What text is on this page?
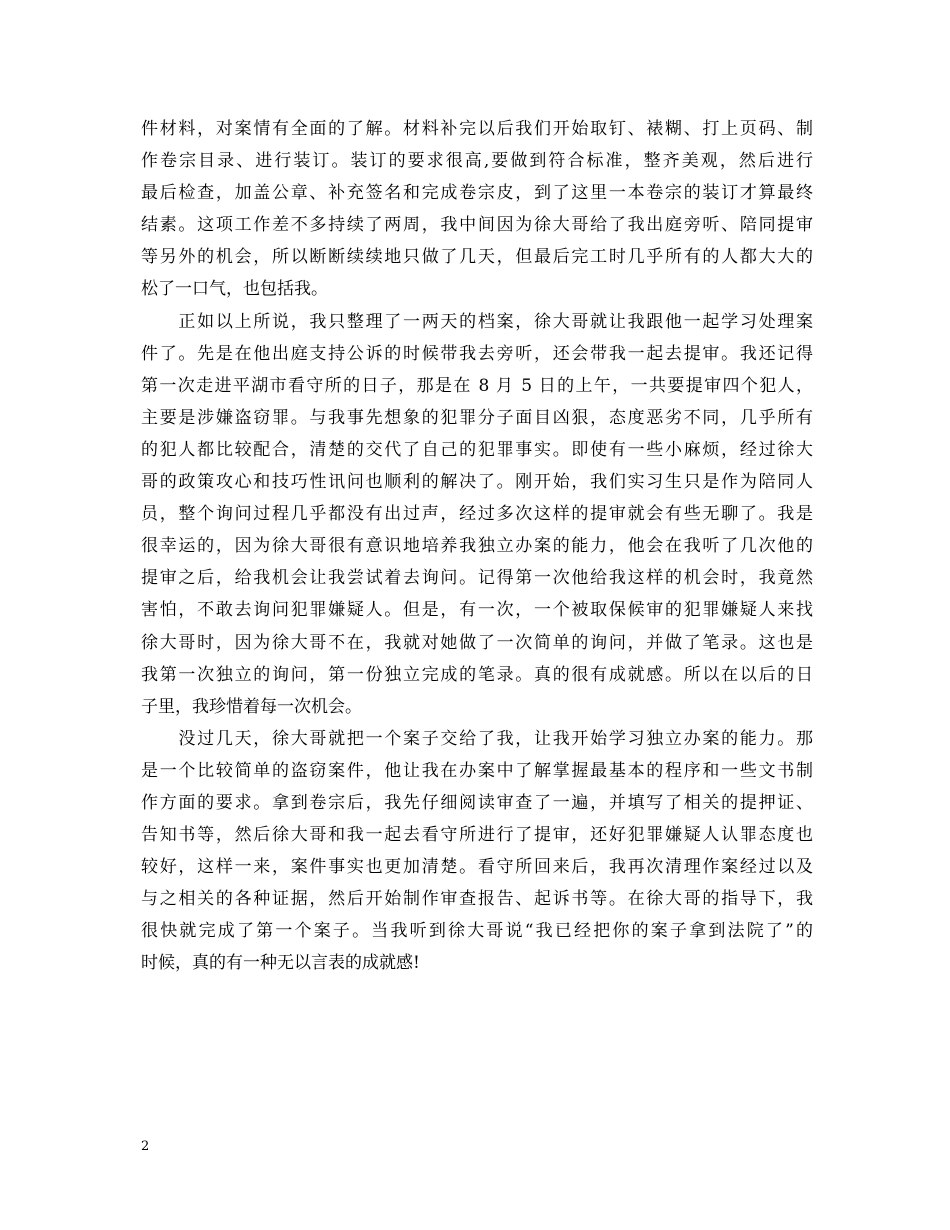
件材料，对案情有全面的了解。材料补完以后我们开始取钉、裱糊、打上页码、制
作卷宗目录、进行装订。装订的要求很高,要做到符合标准，整齐美观，然后进行
最后检查，加盖公章、补充签名和完成卷宗皮，到了这里一本卷宗的装订才算最终
结素。这项工作差不多持续了两周，我中间因为徐大哥给了我出庭旁听、陪同提审
等另外的机会，所以断断续续地只做了几天，但最后完工时几乎所有的人都大大的
松了一口气，也包括我。
　　正如以上所说，我只整理了一两天的档案，徐大哥就让我跟他一起学习处理案
件了。先是在他出庭支持公诉的时候带我去旁听，还会带我一起去提审。我还记得
第一次走进平湖市看守所的日子，那是在 8 月 5 日的上午，一共要提审四个犯人，
主要是涉嫌盗窃罪。与我事先想象的犯罪分子面目凶狠，态度恶劣不同，几乎所有
的犯人都比较配合，清楚的交代了自己的犯罪事实。即使有一些小麻烦，经过徐大
哥的政策攻心和技巧性讯问也顺利的解决了。刚开始，我们实习生只是作为陪同人
员，整个询问过程几乎都没有出过声，经过多次这样的提审就会有些无聊了。我是
很幸运的，因为徐大哥很有意识地培养我独立办案的能力，他会在我听了几次他的
提审之后，给我机会让我尝试着去询问。记得第一次他给我这样的机会时，我竟然
害怕，不敢去询问犯罪嫌疑人。但是，有一次，一个被取保候审的犯罪嫌疑人来找
徐大哥时，因为徐大哥不在，我就对她做了一次简单的询问，并做了笔录。这也是
我第一次独立的询问，第一份独立完成的笔录。真的很有成就感。所以在以后的日
子里，我珍惜着每一次机会。
　　没过几天，徐大哥就把一个案子交给了我，让我开始学习独立办案的能力。那
是一个比较简单的盗窃案件，他让我在办案中了解掌握最基本的程序和一些文书制
作方面的要求。拿到卷宗后，我先仔细阅读审查了一遍，并填写了相关的提押证、
告知书等，然后徐大哥和我一起去看守所进行了提审，还好犯罪嫌疑人认罪态度也
较好，这样一来，案件事实也更加清楚。看守所回来后，我再次清理作案经过以及
与之相关的各种证据，然后开始制作审查报告、起诉书等。在徐大哥的指导下，我
很快就完成了第一个案子。当我听到徐大哥说“我已经把你的案子拿到法院了”的
时候，真的有一种无以言表的成就感!
2
